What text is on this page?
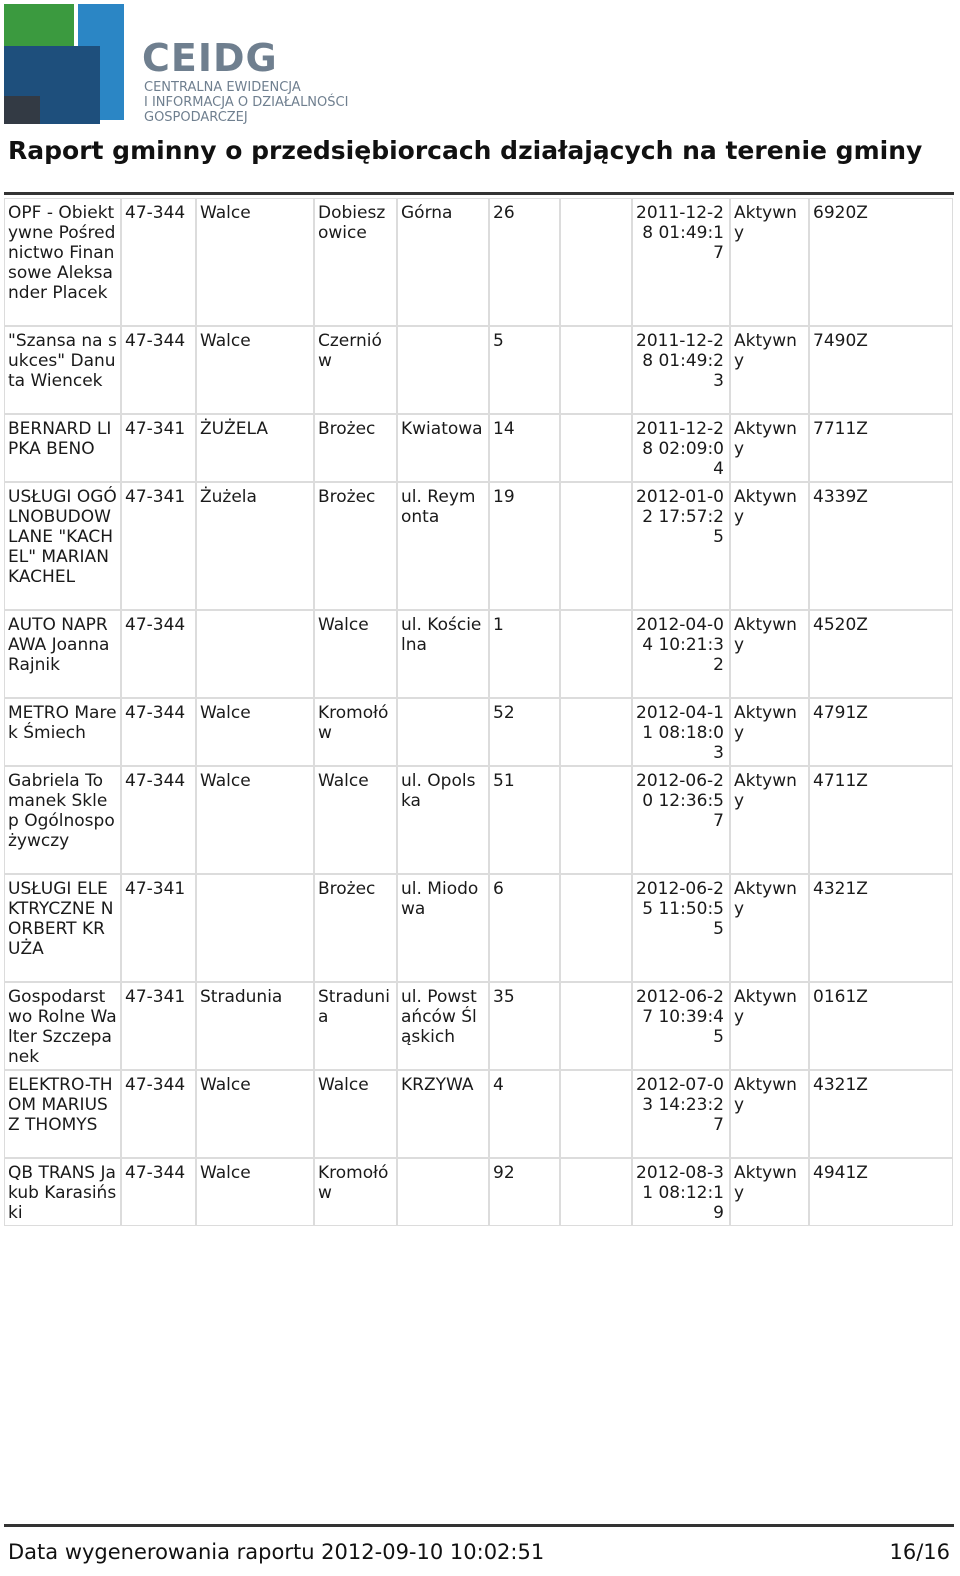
CEIDG
CENTRALNA EWIDENCJA
I INFORMACJA O DZIAŁALNOŚCI
GOSPODARCZEJ
Raport gminny o przedsiębiorcach działających na terenie gminy
OPF - Obiektywne Pośrednictwo Finansowe Aleksander Placek	47-344	Walce	Dobieszowice	Górna	26		2011-12-28 01:49:17	Aktywny	6920Z
"Szansa na sukces" Danuta Wiencek	47-344	Walce	Czerniów		5		2011-12-28 01:49:23	Aktywny	7490Z
BERNARD LIPKA BENO	47-341	ŻUŻELA	Brożec	Kwiatowa	14		2011-12-28 02:09:04	Aktywny	7711Z
USŁUGI OGÓLNOBUDOWLANE "KACHEL" MARIAN KACHEL	47-341	Żużela	Brożec	ul. Reymonta	19		2012-01-02 17:57:25	Aktywny	4339Z
AUTO NAPRAWA Joanna Rajnik	47-344		Walce	ul. Kościelna	1		2012-04-04 10:21:32	Aktywny	4520Z
METRO Marek Śmiech	47-344	Walce	Kromołów		52		2012-04-11 08:18:03	Aktywny	4791Z
Gabriela Tomanek Sklep Ogólnospożywczy	47-344	Walce	Walce	ul. Opolska	51		2012-06-20 12:36:57	Aktywny	4711Z
USŁUGI ELEKTRYCZNE NORBERT KRUŻA	47-341		Brożec	ul. Miodowa	6		2012-06-25 11:50:55	Aktywny	4321Z
Gospodarstwo Rolne Walter Szczepanek	47-341	Stradunia	Stradunia	ul. Powstańców Śląskich	35		2012-06-27 10:39:45	Aktywny	0161Z
ELEKTRO-THOM MARIUSZ THOMYS	47-344	Walce	Walce	KRZYWA	4		2012-07-03 14:23:27	Aktywny	4321Z
QB TRANS Jakub Karasiński	47-344	Walce	Kromołów		92		2012-08-31 08:12:19	Aktywny	4941Z
Data wygenerowania raportu 2012-09-10 10:02:51	16/16
